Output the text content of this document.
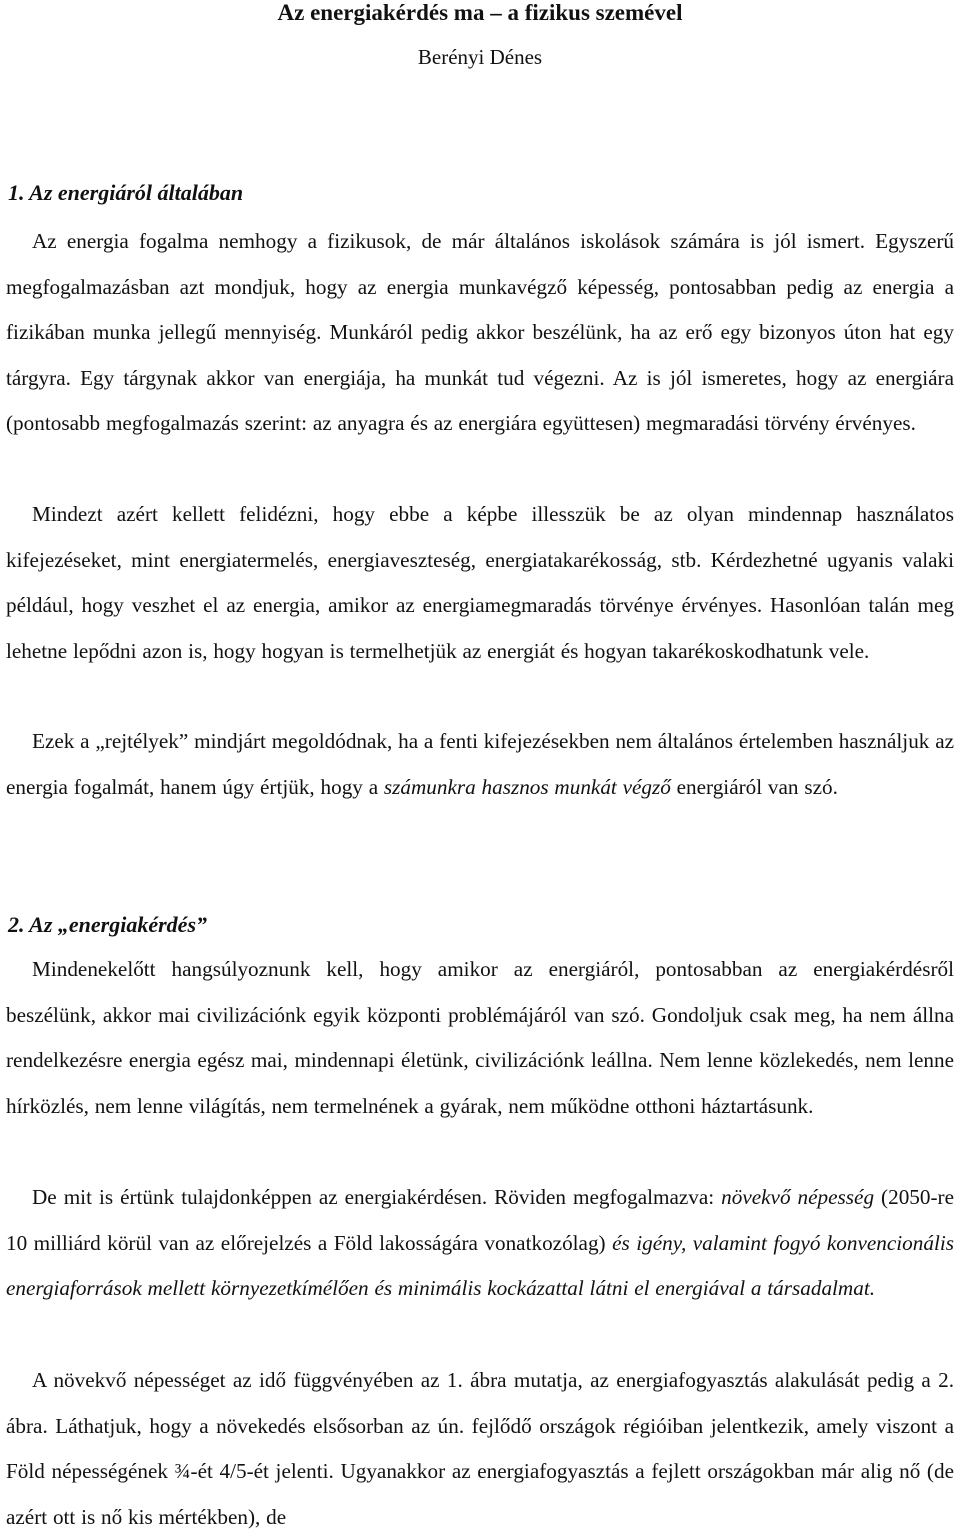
Az energiakérdés ma – a fizikus szemével
Berényi Dénes
1. Az energiáról általában

Az energia fogalma nemhogy a fizikusok, de már általános iskolások számára is jól ismert. Egyszerű megfogalmazásban azt mondjuk, hogy az energia munkavégző képesség, pontosabban pedig az energia a fizikában munka jellegű mennyiség. Munkáról pedig akkor beszélünk, ha az erő egy bizonyos úton hat egy tárgyra. Egy tárgynak akkor van energiája, ha munkát tud végezni. Az is jól ismeretes, hogy az energiára (pontosabb megfogalmazás szerint: az anyagra és az energiára együttesen) megmaradási törvény érvényes.

Mindezt azért kellett felidézni, hogy ebbe a képbe illesszük be az olyan mindennap használatos kifejezéseket, mint energiatermelés, energiaveszteség, energiatakarékosság, stb. Kérdezhetné ugyanis valaki például, hogy veszhet el az energia, amikor az energiamegmaradás törvénye érvényes. Hasonlóan talán meg lehetne lepődni azon is, hogy hogyan is termelhetjük az energiát és hogyan takarékoskodhatunk vele.

Ezek a „rejtélyek” mindjárt megoldódnak, ha a fenti kifejezésekben nem általános értelemben használjuk az energia fogalmát, hanem úgy értjük, hogy a számunkra hasznos munkát végző energiáról van szó.

2. Az „energiakérdés”

Mindenekelőtt hangsúlyoznunk kell, hogy amikor az energiáról, pontosabban az energiakérdésről beszélünk, akkor mai civilizációnk egyik központi problémájáról van szó. Gondoljuk csak meg, ha nem állna rendelkezésre energia egész mai, mindennapi életünk, civilizációnk leállna. Nem lenne közlekedés, nem lenne hírközlés, nem lenne világítás, nem termelnének a gyárak, nem működne otthoni háztartásunk.

De mit is értünk tulajdonképpen az energiakérdésen. Röviden megfogalmazva: növekvő népesség (2050-re 10 milliárd körül van az előrejelzés a Föld lakosságára vonatkozólag) és igény, valamint fogyó konvencionális energiaforrások mellett környezetkímélően és minimális kockázattal látni el energiával a társadalmat.

A növekvő népességet az idő függvényében az 1. ábra mutatja, az energiafogyasztás alakulását pedig a 2. ábra. Láthatjuk, hogy a növekedés elsősorban az ún. fejlődő országok régióiban jelentkezik, amely viszont a Föld népességének ¾-ét 4/5-ét jelenti. Ugyanakkor az energiafogyasztás a fejlett országokban már alig nő (de azért ott is nő kis mértékben), de
